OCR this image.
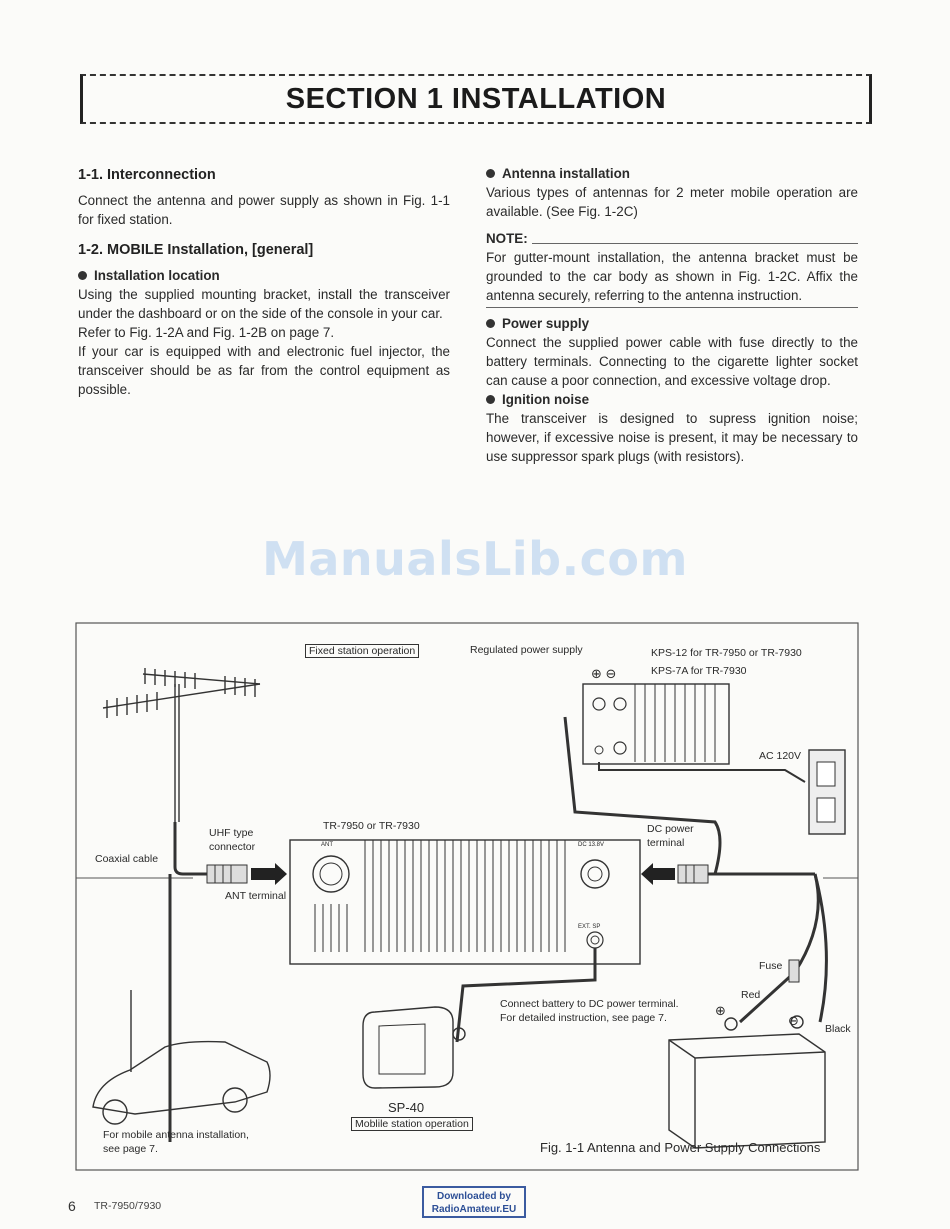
SECTION 1 INSTALLATION
1-1. Interconnection

Connect the antenna and power supply as shown in Fig. 1-1 for fixed station.

1-2. MOBILE Installation, [general]
Installation location

Using the supplied mounting bracket, install the transceiver under the dashboard or on the side of the console in your car.

Refer to Fig. 1-2A and Fig. 1-2B on page 7.

If your car is equipped with and electronic fuel injector, the transceiver should be as far from the control equipment as possible.

Antenna installation

Various types of antennas for 2 meter mobile operation are available. (See Fig. 1-2C)

NOTE:

For gutter-mount installation, the antenna bracket must be grounded to the car body as shown in Fig. 1-2C. Affix the antenna securely, referring to the antenna instruction.

Power supply

Connect the supplied power cable with fuse directly to the battery terminals. Connecting to the cigarette lighter socket can cause a poor connection, and excessive voltage drop.

Ignition noise

The transceiver is designed to supress ignition noise; however, if excessive noise is present, it may be necessary to use suppressor spark plugs (with resistors).

ManualsLib.com
Fixed station operation	Regulated power supply	KPS-12 for TR-7950 or TR-7930
KPS-7A for TR-7930
⊕ ⊖
AC 120V
UHF type
connector
Coaxial cable
TR-7950 or TR-7930
ANT	DC 13.8V
EXT. SP
DC power
terminal
ANT terminal
Fuse
Red
Black
⊕
⊖
Connect battery to DC power terminal.
For detailed instruction, see page 7.
SP-40
Moblile station operation
For mobile antenna installation,
see page 7.	Fig. 1-1 Antenna and Power Supply Connections
6 TR-7950/7930
Downloaded by
RadioAmateur.EU
